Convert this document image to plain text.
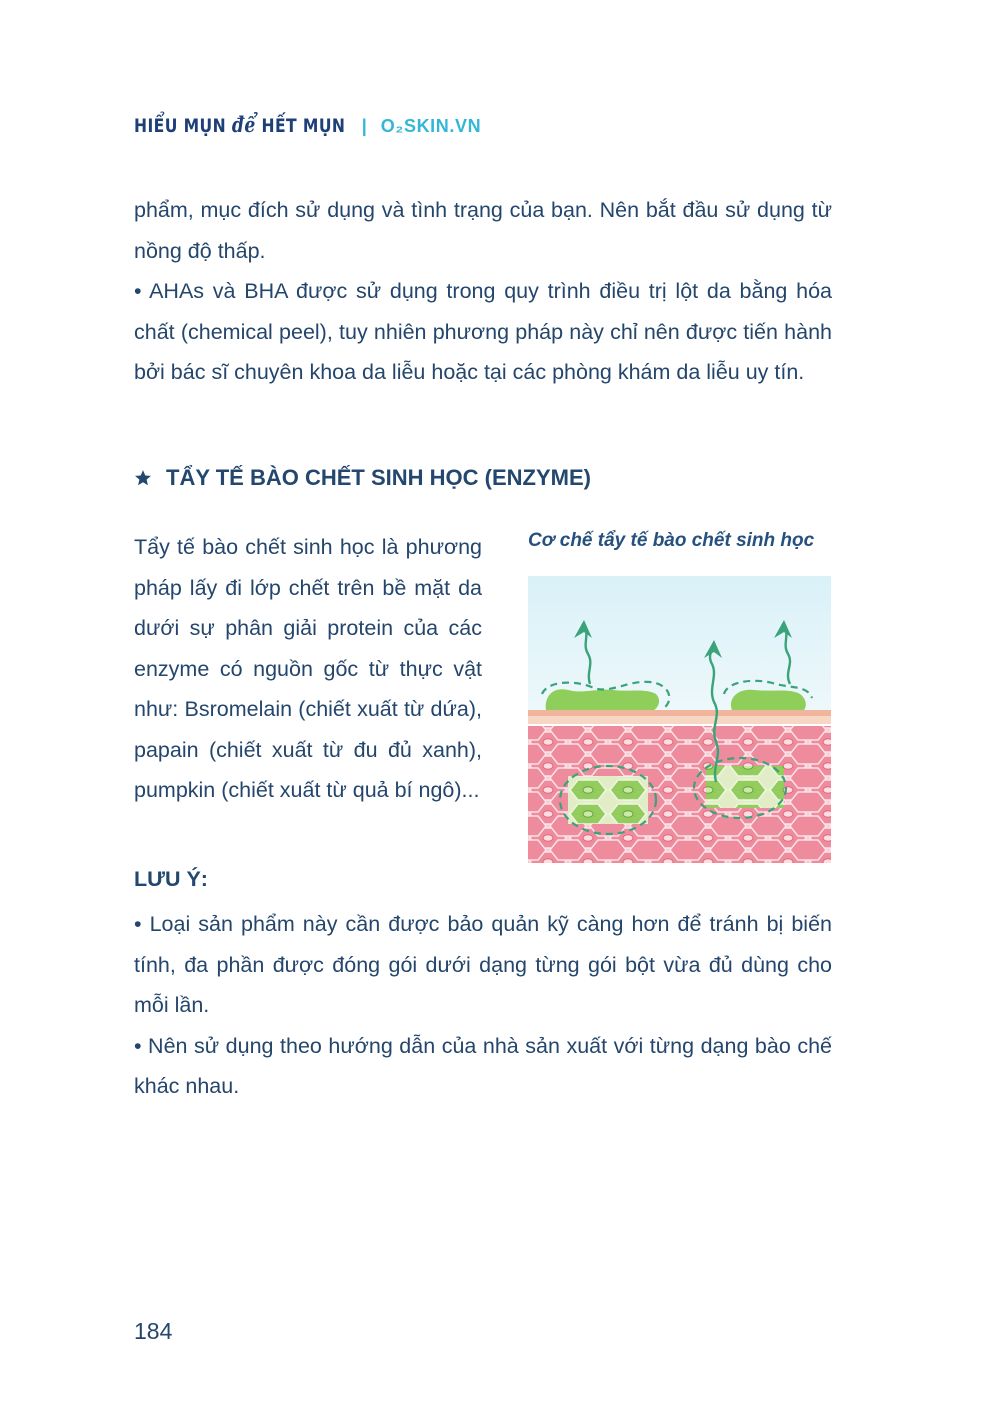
HIỂU MỤN để HẾT MỤN | O₂SKIN.VN

phẩm, mục đích sử dụng và tình trạng của bạn. Nên bắt đầu sử dụng từ nồng độ thấp.

• AHAs và BHA được sử dụng trong quy trình điều trị lột da bằng hóa chất (chemical peel), tuy nhiên phương pháp này chỉ nên được tiến hành bởi bác sĩ chuyên khoa da liễu hoặc tại các phòng khám da liễu uy tín.

TẨY TẾ BÀO CHẾT SINH HỌC (ENZYME)

Tẩy tế bào chết sinh học là phương pháp lấy đi lớp chết trên bề mặt da dưới sự phân giải protein của các enzyme có nguồn gốc từ thực vật như: Bsromelain (chiết xuất từ dứa), papain (chiết xuất từ đu đủ xanh), pumpkin (chiết xuất từ quả bí ngô)...

Cơ chế tẩy tế bào chết sinh học
LƯU Ý:

• Loại sản phẩm này cần được bảo quản kỹ càng hơn để tránh bị biến tính, đa phần được đóng gói dưới dạng từng gói bột vừa đủ dùng cho mỗi lần.

• Nên sử dụng theo hướng dẫn của nhà sản xuất với từng dạng bào chế khác nhau.

184
